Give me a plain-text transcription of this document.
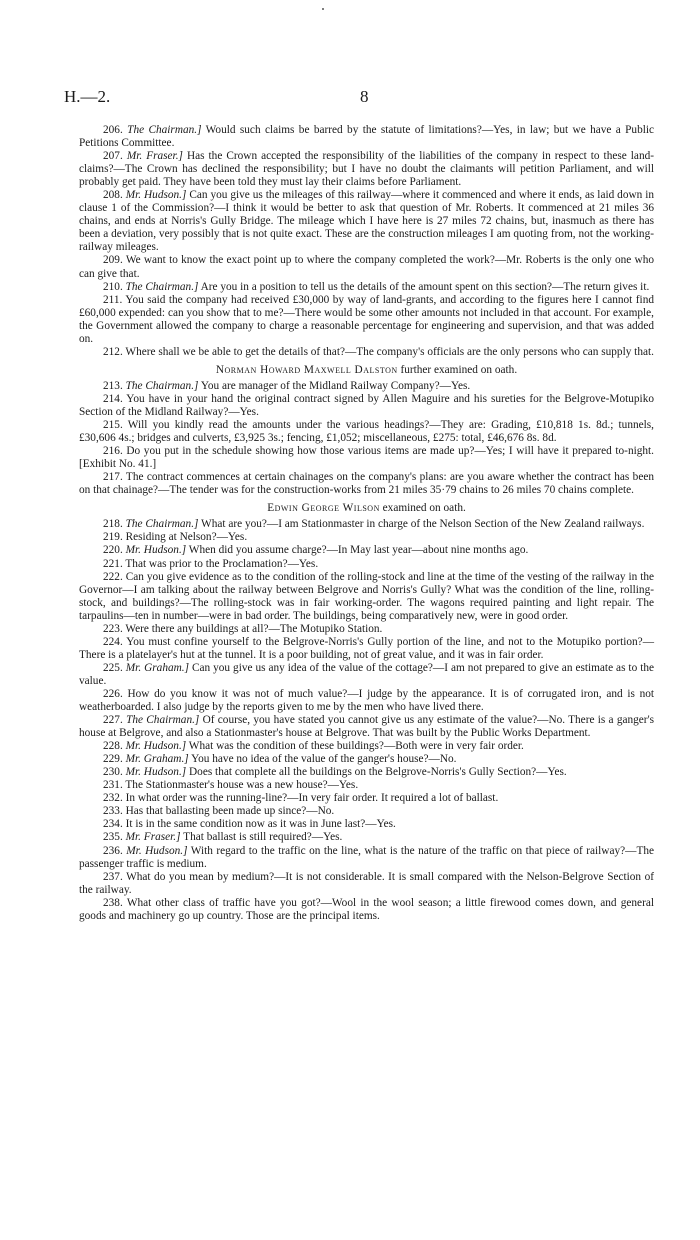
H.—2.	8

206. The Chairman.] Would such claims be barred by the statute of limitations?—Yes, in law; but we have a Public Petitions Committee.

207. Mr. Fraser.] Has the Crown accepted the responsibility of the liabilities of the company in respect to these land-claims?—The Crown has declined the responsibility; but I have no doubt the claimants will petition Parliament, and will probably get paid. They have been told they must lay their claims before Parliament.

208. Mr. Hudson.] Can you give us the mileages of this railway—where it commenced and where it ends, as laid down in clause 1 of the Commission?—I think it would be better to ask that question of Mr. Roberts. It commenced at 21 miles 36 chains, and ends at Norris's Gully Bridge. The mileage which I have here is 27 miles 72 chains, but, inasmuch as there has been a deviation, very possibly that is not quite exact. These are the construction mileages I am quoting from, not the working-railway mileages.

209. We want to know the exact point up to where the company completed the work?—Mr. Roberts is the only one who can give that.

210. The Chairman.] Are you in a position to tell us the details of the amount spent on this section?—The return gives it.

211. You said the company had received £30,000 by way of land-grants, and according to the figures here I cannot find £60,000 expended: can you show that to me?—There would be some other amounts not included in that account. For example, the Government allowed the company to charge a reasonable percentage for engineering and supervision, and that was added on.

212. Where shall we be able to get the details of that?—The company's officials are the only persons who can supply that.

Norman Howard Maxwell Dalston further examined on oath.

213. The Chairman.] You are manager of the Midland Railway Company?—Yes.

214. You have in your hand the original contract signed by Allen Maguire and his sureties for the Belgrove-Motupiko Section of the Midland Railway?—Yes.

215. Will you kindly read the amounts under the various headings?—They are: Grading, £10,818 1s. 8d.; tunnels, £30,606 4s.; bridges and culverts, £3,925 3s.; fencing, £1,052; miscellaneous, £275: total, £46,676 8s. 8d.

216. Do you put in the schedule showing how those various items are made up?—Yes; I will have it prepared to-night. [Exhibit No. 41.]

217. The contract commences at certain chainages on the company's plans: are you aware whether the contract has been on that chainage?—The tender was for the construction-works from 21 miles 35·79 chains to 26 miles 70 chains complete.

Edwin George Wilson examined on oath.

218. The Chairman.] What are you?—I am Stationmaster in charge of the Nelson Section of the New Zealand railways.

219. Residing at Nelson?—Yes.

220. Mr. Hudson.] When did you assume charge?—In May last year—about nine months ago.

221. That was prior to the Proclamation?—Yes.

222. Can you give evidence as to the condition of the rolling-stock and line at the time of the vesting of the railway in the Governor—I am talking about the railway between Belgrove and Norris's Gully? What was the condition of the line, rolling-stock, and buildings?—The rolling-stock was in fair working-order. The wagons required painting and light repair. The tarpaulins—ten in number—were in bad order. The buildings, being comparatively new, were in good order.

223. Were there any buildings at all?—The Motupiko Station.

224. You must confine yourself to the Belgrove-Norris's Gully portion of the line, and not to the Motupiko portion?—There is a platelayer's hut at the tunnel. It is a poor building, not of great value, and it was in fair order.

225. Mr. Graham.] Can you give us any idea of the value of the cottage?—I am not prepared to give an estimate as to the value.

226. How do you know it was not of much value?—I judge by the appearance. It is of corrugated iron, and is not weatherboarded. I also judge by the reports given to me by the men who have lived there.

227. The Chairman.] Of course, you have stated you cannot give us any estimate of the value?—No. There is a ganger's house at Belgrove, and also a Stationmaster's house at Belgrove. That was built by the Public Works Department.

228. Mr. Hudson.] What was the condition of these buildings?—Both were in very fair order.

229. Mr. Graham.] You have no idea of the value of the ganger's house?—No.

230. Mr. Hudson.] Does that complete all the buildings on the Belgrove-Norris's Gully Section?—Yes.

231. The Stationmaster's house was a new house?—Yes.

232. In what order was the running-line?—In very fair order. It required a lot of ballast.

233. Has that ballasting been made up since?—No.

234. It is in the same condition now as it was in June last?—Yes.

235. Mr. Fraser.] That ballast is still required?—Yes.

236. Mr. Hudson.] With regard to the traffic on the line, what is the nature of the traffic on that piece of railway?—The passenger traffic is medium.

237. What do you mean by medium?—It is not considerable. It is small compared with the Nelson-Belgrove Section of the railway.

238. What other class of traffic have you got?—Wool in the wool season; a little firewood comes down, and general goods and machinery go up country. Those are the principal items.
